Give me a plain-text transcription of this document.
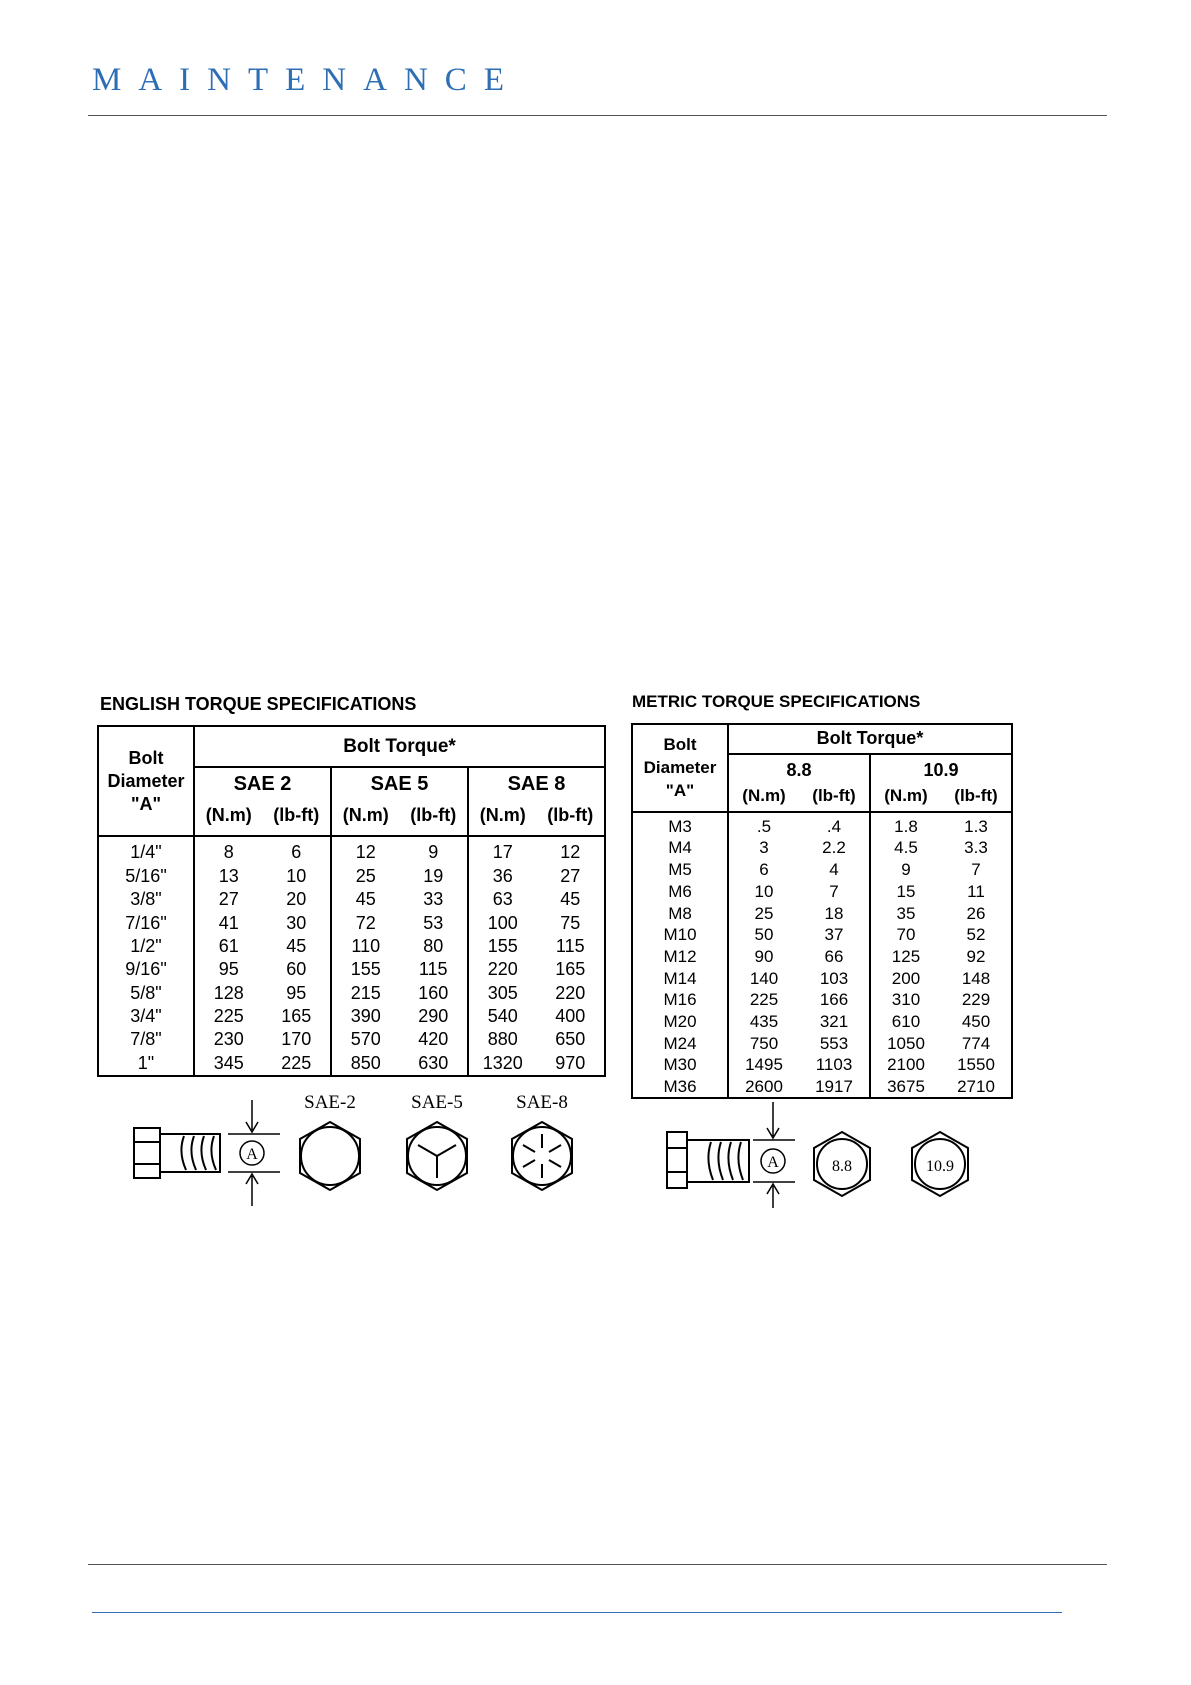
MAINTENANCE
ENGLISH TORQUE SPECIFICATIONS
Bolt
Diameter
"A"	Bolt Torque*					
	SAE 2		SAE 5		SAE 8	
	(N.m)	(lb-ft)	(N.m)	(lb-ft)	(N.m)	(lb-ft)
1/4"	8	6	12	9	17	12
5/16"	13	10	25	19	36	27
3/8"	27	20	45	33	63	45
7/16"	41	30	72	53	100	75
1/2"	61	45	110	80	155	115
9/16"	95	60	155	115	220	165
5/8"	128	95	215	160	305	220
3/4"	225	165	390	290	540	400
7/8"	230	170	570	420	880	650
1"	345	225	850	630	1320	970
A
SAE-2	SAE-5	SAE-8
METRIC TORQUE SPECIFICATIONS
Bolt
Diameter
"A"	Bolt Torque*			
	8.8		10.9	
	(N.m)	(lb-ft)	(N.m)	(lb-ft)
M3	.5	.4	1.8	1.3
M4	3	2.2	4.5	3.3
M5	6	4	9	7
M6	10	7	15	11
M8	25	18	35	26
M10	50	37	70	52
M12	90	66	125	92
M14	140	103	200	148
M16	225	166	310	229
M20	435	321	610	450
M24	750	553	1050	774
M30	1495	1103	2100	1550
M36	2600	1917	3675	2710
A	8.8	10.9
